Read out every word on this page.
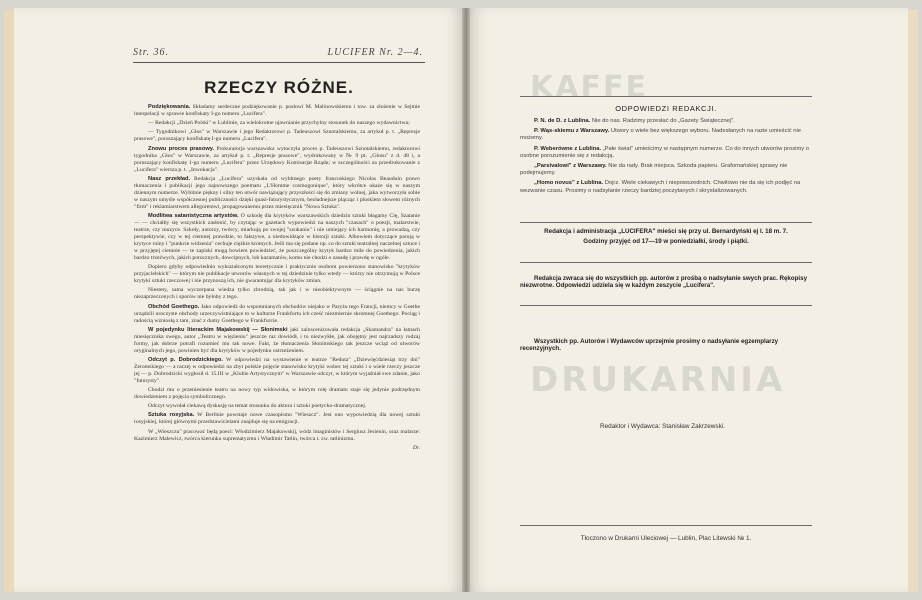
Str. 36.	LUCIFER Nr. 2—4.
RZECZY RÓŻNE.

Podziękowania. Składamy serdeczne podziękowanie p. posłowi M. Malinowskiemu i tow. za złożenie w Sejmie interpelacji w sprawie konfiskaty I-go numeru „Lucifera".

— Redakcji „Dzień Polski" w Lublinie, za wielokrotne ujawnianie przychylny stosunek do naszego wydawnictwa;

— Tygodnikowi „Głos" w Warszawie i jego Redaktorowi p. Tadeuszowi Sznotalskiemu, za artykuł p. t. „Represje prasowe", poruszający konfiskatę I-go numeru „Lucifera".

Znowu proces prasowy. Prokuratorja warszawska wytoczyła proces p. Tadeuszowi Sznotalskiemu, redaktorowi tygodnika „Głos" w Warszawie, za artykuł p. t. „Represje prasowe", wydrukowany w № 9 pt. „Głosu" z d. 48 i, a poruszający konfiskatę 1-go numeru „Lucifera" przez Urzędowy Komisarjat Rządu; w szczególności za przedrukowanie z „Lucifera" wiersza p. t. „Inwokacja".

Nasz przekład. Redakcja „Lucifera" uzyskała od wybitnego poety francuskiego Nicolas Beauduin prawo tłumaczenia i publikacji jego najnowszego poematu „L'Homme cosmogonique", który wkrótce ukaże się w naszym dziennym numerze. Wybitnie piękny i silny ten utwór nawiązujący przyszłości się do zmiany wolnej, jaka wytworzyła sobie w naszym umyśle współczesnej publiczności dzięki quasi-futurystycznym, bezładnejsze plącząc i pluskiem słowem różnych "firm" i reklamiarstwem allegoremwi, propagowanemu przez miesięcznik "Nowa Sztuka".

Modlitwa satanistyczna artystów. O szkodę dla krytyków warszawskich dziedzin sztuki błagamy Cię, Szatanie — — chciałby się wszystkich zasłonić, by czytając w gazetach wypowiedzi na naszych "czasach" o poezji, malarstwie, teatrze, czy muzyce. Szkoły, autorzy, twórcy, miarkują po swojej "szukaniu" i nie umiejący ich harmonię, a prowadzą, czy perspektywie, czy w tej ciemnej prawdzie, to fałszywe, a niedowidzące w historji sztuki. Albowiem dotyczące parują w krytyce ruiny i "punkcie widzenia" cechuje ciężkie krotnych. Jeśli ma się podane np. co do sztuki teatralnej naczelnej sztuce i w przyjętej ciemnie — te zapiski mogą bowiem powiedzieć, że poszczególny krytyk bardzo mile do powiedzenia, jakich bardzo trzeźwych, jakich potocznych, dowcipnych, lub kazamatów, komu nie chodzi o zasadę i prawdę w ogóle.

Dopiero gdyby odpowiednio wykształconym teoretycznie i praktycznie osobom powierzono stanowisko "krytyków przyjacielskich" — którym nie publikacje utworów własnych w tej dziedzinie tylko wtedy — którzy nie otrzymują w Polsce krytyki sztuki rzeczowej i nie przynoszą ich, nie gwarantując dla krytyków zmian.

Niestety, sama wyczerpana wiedza tylko zbrodnią, tak jak i w nieobiektywnym — ściągnie na nas burzę niezaprzeczonych i sporów nie byłoby z tego.

Obchód Goethego. Jako odpowiedź do wspomnianych obchodów niejako w Paryżu tego Francji, niemcy w Goethe urządzili uroczyste obchody urzeczywistniające to w kulturze Frankfurtu ich cześć niezmiernie skromnej Goethego. Pociąg i radością wzniosłą z tam, znać z dumy Goethego w Frankfurcie.

W pojedynku literackim Majakowskij — Słonimski jaki zainscenizowała redakcja „Skamandra" na łamach miesięcznika swego, autor „Teatru w więzieniu" jeszcze raz dowiódł, i to niezwykłe, jak obojętny jest najrzadszy rodzaj formy, jak dobrze potrafi rozumieć mu tak nowe. Fakt, że tłumaczenia Słonimskiego tak jeszcze wciąż od utworów oryginalnych jego, powinien być dla krytyków w pojedynku ostrzeżeniem.

Odczyt p. Dobrodzickiego. W odpowiedzi na wystawienie w teatrze "Reduta" „Dziewięćdziesiąt trzy dni" Żeromskiego — a raczej w odpowiedzi na zbyt polskie pojęcie stanowisko krytyki wobec tej sztuki i o wiele rzeczy jeszcze jej — p. Dobrodzicki wygłosił d. 15.III w „Klubie Artystycznym" w Warszawie odczyt, w którym wyjaśniał swe zdanie, jako "futurysty".

Chodzi mu o przeniesienie teatru na nowy typ widowiska, w którym rolę dramatu staje się jedynie podrzędnym dowiedzeniem z pojęcia symbolicznego.

Odczyt wywołał ciekawą dyskusję na temat stosunku do aktora i sztuki poetycko-dramatycznej.

Sztuka rosyjska. W Berlinie powstaje nowe czasopismo "Wieszcz". Jest ono wypowiedzią dla nowej sztuki rosyjskiej, której głównymi przedstawicielami znajduje się na emigracji.

W „Wieszczu" pracować będą poeci: Włodzimierz Majakowskij, wódz imaginistów i Sergiusz Jesienin, oraz malarze: Kazimierz Malewicz, twórca kierunku suprematyzmu i Władimir Tatlin, twórca t. zw. tatlinizmu.

Dr.

KAFFE
DRUKARNIA
ODPOWIEDZI REDAKCJI.

P. N. de D. z Lublina. Nie do nas. Radzimy przesłać do „Gazety Świątecznej".

P. Wąs-skiemu z Warszawy. Utwory o wiele bez większego wyboru. Nadesłanych na razie umieścić nie możemy.

P. Weberówne z Lublina. „Pałe świat" umieścimy w następnym numerze. Co do innych utworów prosimy o osobne porozumienie się z redakcją.

„Parsivalowi" z Warszawy. Nie da rady. Brak miejsca. Szkoda papieru. Grafomańskiej sprawy nie podejmujemy.

„Homo novus" z Lublina. Dojrz. Wiele ciekawych i niepowszednich. Chwilowo nie da się ich podjęć na wezwanie czasu. Prosimy o nadsyłanie rzeczy bardziej poczytanych i skrystalizowanych.

Redakcja i administracja „LUCIFERA" mieści się przy ul. Bernardyński ej l. 18 m. 7.
Godziny przyjęć od 17—19 w poniedziałki, środy i piątki.

Redakcja zwraca się do wszystkich pp. autorów z prośbą o nadsyłanie swych prac. Rękopisy niezwrotne. Odpowiedzi udziela się w każdym zeszycie „Lucifera".

Wszystkich pp. Autorów i Wydawców uprzejmie prosimy o nadsyłanie egzemplarzy recenzyjnych.

Redaktor i Wydawca: Stanisław Zakrzewski.
Tłoczono w Drukarni Uleciowej — Lublin, Plac Litewski № 1.
